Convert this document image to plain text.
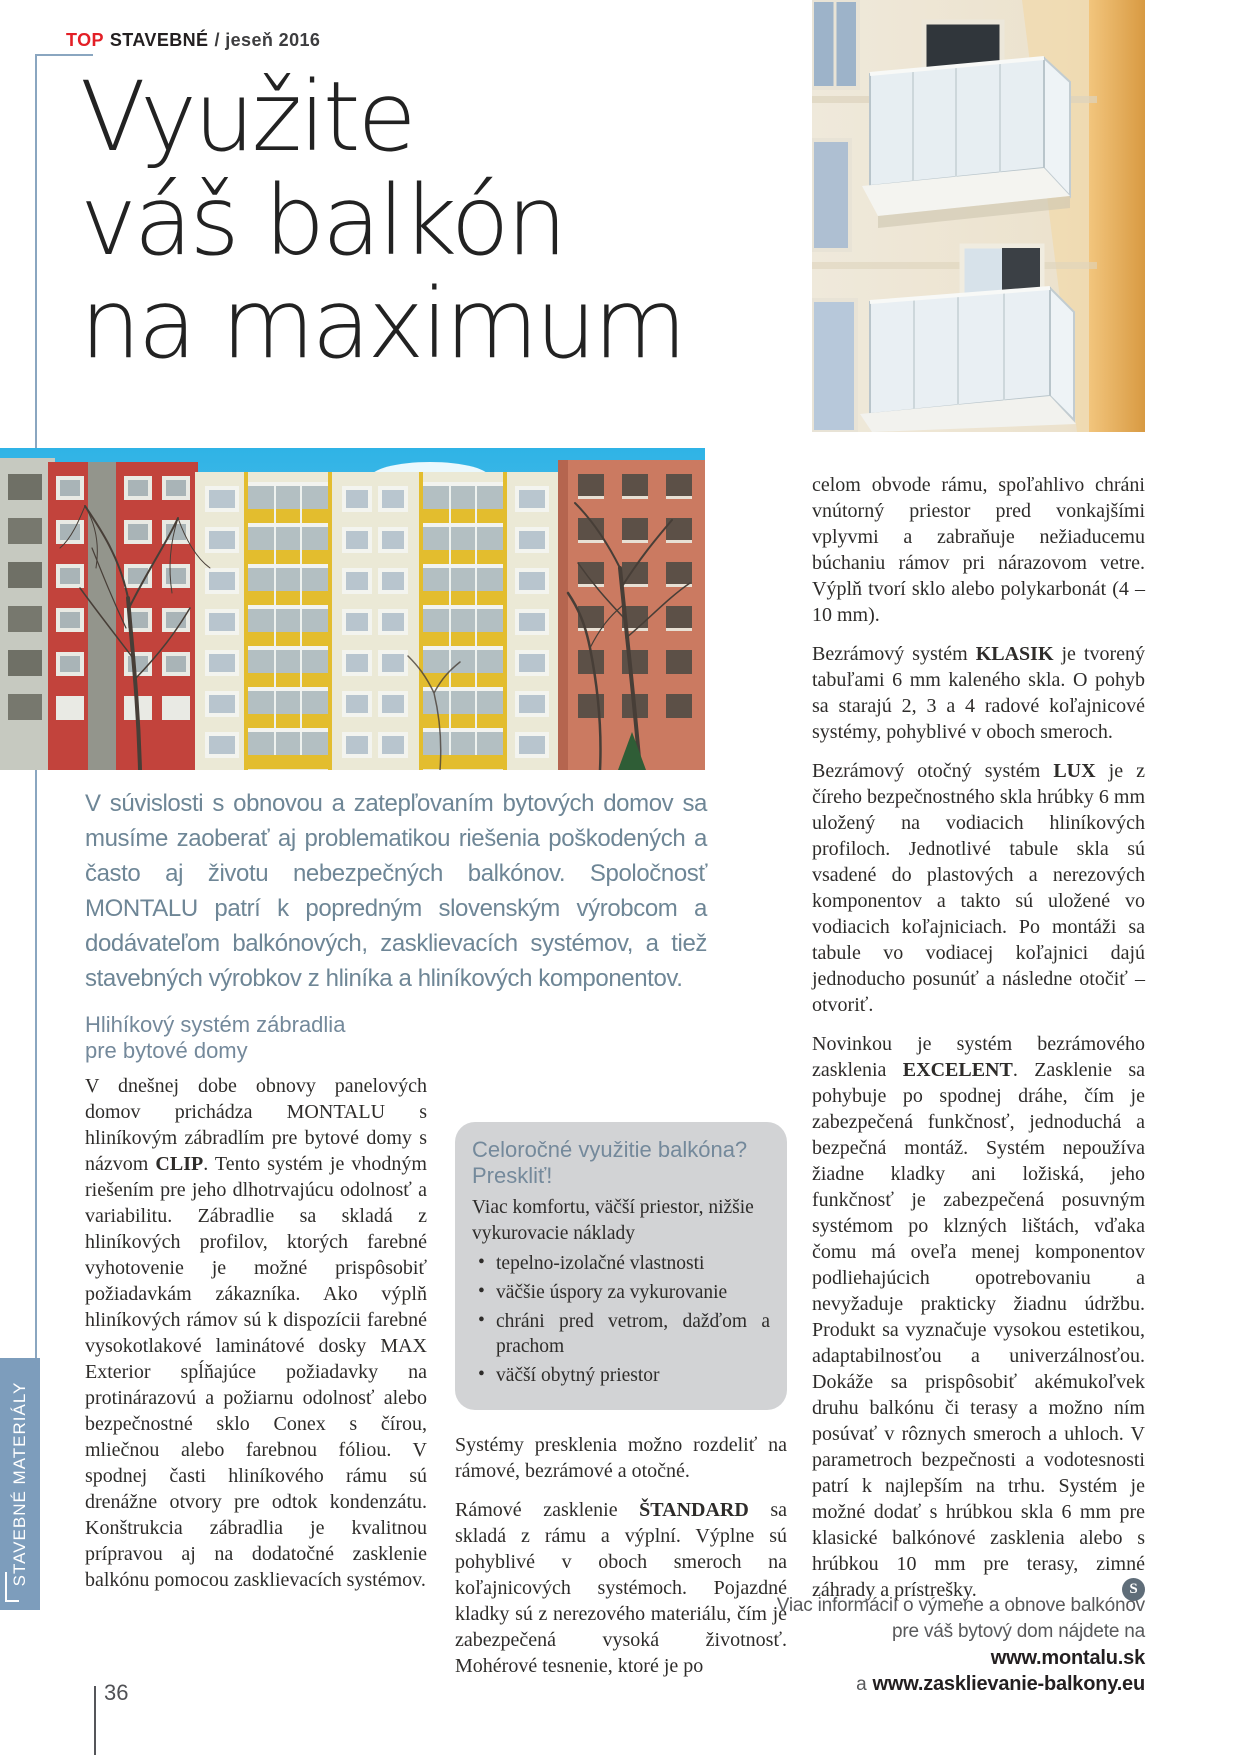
TOP STAVEBNÉ / jeseň 2016
Využite
váš balkón
na maximum
V súvislosti s obnovou a zatepľovaním bytových domov sa musíme zaoberať aj problematikou riešenia poškodených a často aj životu nebezpečných balkónov. Spoločnosť MONTALU patrí k popredným slovenským výrobcom a dodávateľom balkónových, zasklievacích systémov, a tiež stavebných výrobkov z hliníka a hliníkových komponentov.
Hlihíkový systém zábradlia
pre bytové domy
V dnešnej dobe obnovy panelových domov prichádza MONTALU s hliníkovým zábradlím pre bytové domy s názvom CLIP. Tento systém je vhodným riešením pre jeho dlhotrvajúcu odolnosť a variabilitu. Zábradlie sa skladá z hliníkových profilov, ktorých farebné vyhotovenie je možné prispôsobiť požiadavkám zákazníka. Ako výplň hliníkových rámov sú k dispozícii farebné vysokotlakové laminátové dosky MAX Exterior spĺňajúce požiadavky na protinárazovú a požiarnu odolnosť alebo bezpečnostné sklo Conex s čírou, mliečnou alebo farebnou fóliou. V spodnej časti hliníkového rámu sú drenážne otvory pre odtok kondenzátu. Konštrukcia zábradlia je kvalitnou prípravou aj na dodatočné zasklenie balkónu pomocou zasklievacích systémov.
Celoročné využitie balkóna?
Preskliť!
Viac komfortu, väčší priestor, nižšie vykurovacie náklady
• tepelno-izolačné vlastnosti
• väčšie úspory za vykurovanie
• chráni pred vetrom, dažďom a prachom
• väčší obytný priestor

Systémy presklenia možno rozdeliť na rámové, bezrámové a otočné.

Rámové zasklenie ŠTANDARD sa skladá z rámu a výplní. Výplne sú pohyblivé v oboch smeroch na koľajnicových systémoch. Pojazdné kladky sú z nerezového materiálu, čím je zabezpečená vysoká životnosť. Mohérové tesnenie, ktoré je po

celom obvode rámu, spoľahlivo chráni vnútorný priestor pred vonkajšími vplyvmi a zabraňuje nežiaducemu búchaniu rámov pri nárazovom vetre. Výplň tvorí sklo alebo polykarbonát (4 – 10 mm).

Bezrámový systém KLASIK je tvorený tabuľami 6 mm kaleného skla. O pohyb sa starajú 2, 3 a 4 radové koľajnicové systémy, pohyblivé v oboch smeroch.

Bezrámový otočný systém LUX je z číreho bezpečnostného skla hrúbky 6 mm uložený na vodiacich hliníkových profiloch. Jednotlivé tabule skla sú vsadené do plastových a nerezových komponentov a takto sú uložené vo vodiacich koľajniciach. Po montáži sa tabule vo vodiacej koľajnici dajú jednoducho posunúť a následne otočiť – otvoriť.

Novinkou je systém bezrámového zasklenia EXCELENT. Zasklenie sa pohybuje po spodnej dráhe, čím je zabezpečená funkčnosť, jednoduchá a bezpečná montáž. Systém nepoužíva žiadne kladky ani ložiská, jeho funkčnosť je zabezpečená posuvným systémom po klzných lištách, vďaka čomu má oveľa menej komponentov podliehajúcich opotrebovaniu a nevyžaduje prakticky žiadnu údržbu. Produkt sa vyznačuje vysokou estetikou, adaptabilnosťou a univerzálnosťou. Dokáže sa prispôsobiť akémukoľvek druhu balkónu či terasy a možno ním posúvať v rôznych smeroch a uhloch. V parametroch bezpečnosti a vodotesnosti patrí k najlepším na trhu. Systém je možné dodať s hrúbkou skla 6 mm pre klasické balkónové zasklenia alebo s hrúbkou 10 mm pre terasy, zimné záhrady a prístrešky.	S
Viac informácií o výmene a obnove balkónov
pre váš bytový dom nájdete na
www.montalu.sk
a www.zasklievanie-balkony.eu
STAVEBNÉ MATERIÁLY
36
